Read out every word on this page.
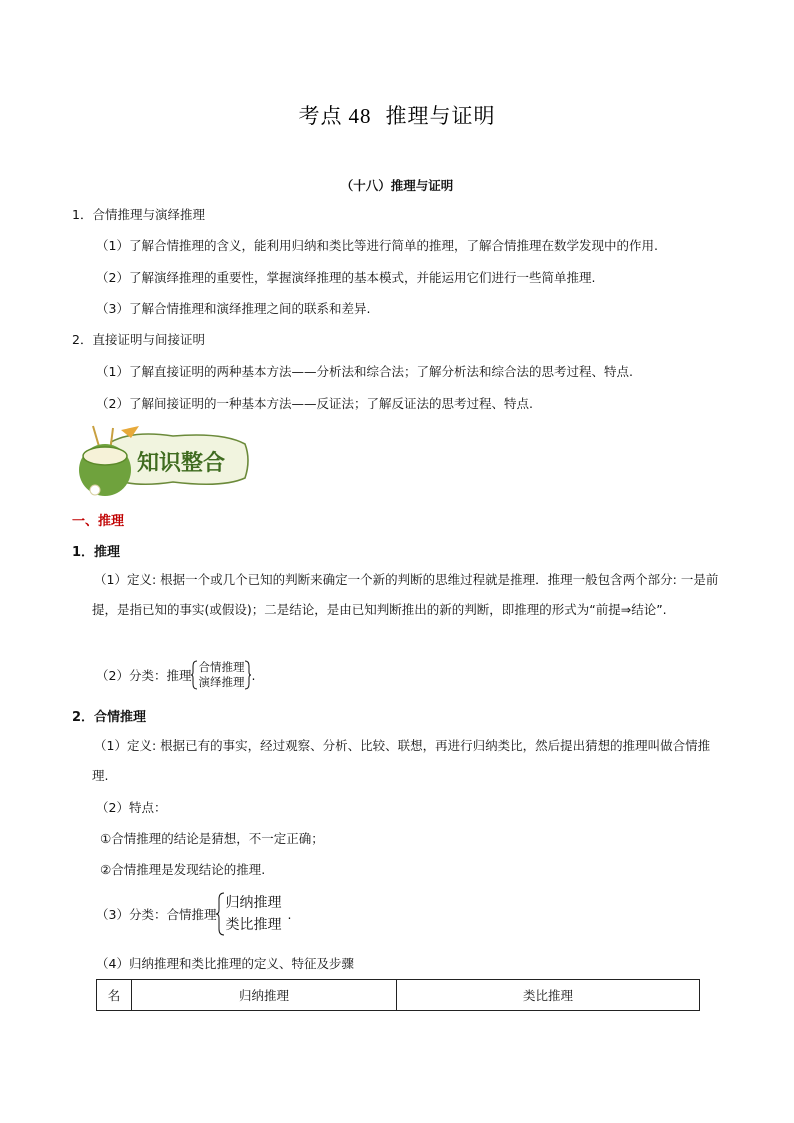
考点 48 推理与证明
（十八）推理与证明
1．合情推理与演绎推理
（1）了解合情推理的含义，能利用归纳和类比等进行简单的推理，了解合情推理在数学发现中的作用.
（2）了解演绎推理的重要性，掌握演绎推理的基本模式，并能运用它们进行一些简单推理.
（3）了解合情推理和演绎推理之间的联系和差异.
2．直接证明与间接证明
（1）了解直接证明的两种基本方法——分析法和综合法；了解分析法和综合法的思考过程、特点.
（2）了解间接证明的一种基本方法——反证法；了解反证法的思考过程、特点.
知识整合
一、推理
1．推理
（1）定义: 根据一个或几个已知的判断来确定一个新的判断的思维过程就是推理．推理一般包含两个部分: 一是前提，是指已知的事实(或假设)；二是结论，是由已知判断推出的新的判断，即推理的形式为“前提⇒结论”.
（2）分类：推理
合情推理
演绎推理 .
2．合情推理
（1）定义: 根据已有的事实，经过观察、分析、比较、联想，再进行归纳类比，然后提出猜想的推理叫做合情推理.
（2）特点：
①合情推理的结论是猜想，不一定正确；
②合情推理是发现结论的推理.
（3）分类：合情推理
归纳推理
类比推理
.
（4）归纳推理和类比推理的定义、特征及步骤
名	归纳推理	类比推理
